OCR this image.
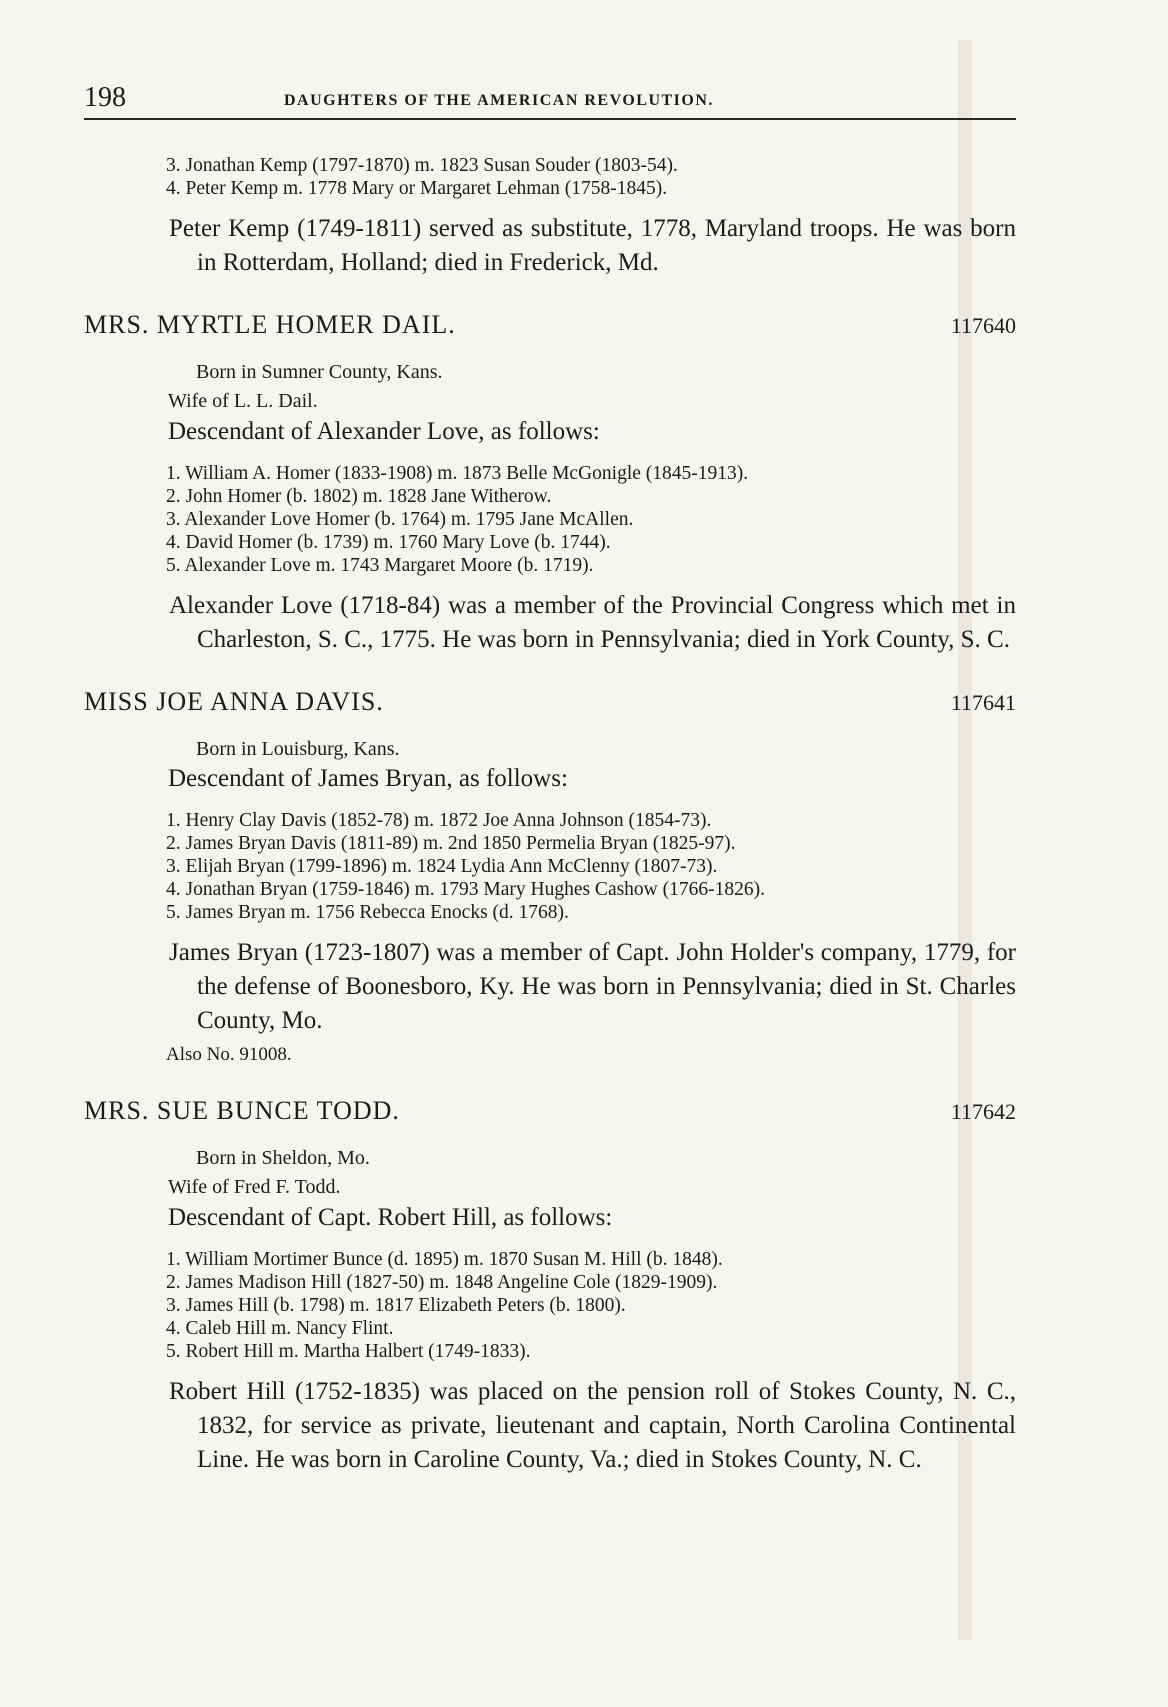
198	DAUGHTERS OF THE AMERICAN REVOLUTION.
3. Jonathan Kemp (1797-1870) m. 1823 Susan Souder (1803-54).
4. Peter Kemp m. 1778 Mary or Margaret Lehman (1758-1845).

Peter Kemp (1749-1811) served as substitute, 1778, Maryland troops. He was born in Rotterdam, Holland; died in Frederick, Md.

MRS. MYRTLE HOMER DAIL.	117640
Born in Sumner County, Kans.
Wife of L. L. Dail.
Descendant of Alexander Love, as follows:
1. William A. Homer (1833-1908) m. 1873 Belle McGonigle (1845-1913).
2. John Homer (b. 1802) m. 1828 Jane Witherow.
3. Alexander Love Homer (b. 1764) m. 1795 Jane McAllen.
4. David Homer (b. 1739) m. 1760 Mary Love (b. 1744).
5. Alexander Love m. 1743 Margaret Moore (b. 1719).

Alexander Love (1718-84) was a member of the Provincial Congress which met in Charleston, S. C., 1775. He was born in Pennsylvania; died in York County, S. C.

MISS JOE ANNA DAVIS.	117641
Born in Louisburg, Kans.
Descendant of James Bryan, as follows:
1. Henry Clay Davis (1852-78) m. 1872 Joe Anna Johnson (1854-73).
2. James Bryan Davis (1811-89) m. 2nd 1850 Permelia Bryan (1825-97).
3. Elijah Bryan (1799-1896) m. 1824 Lydia Ann McClenny (1807-73).
4. Jonathan Bryan (1759-1846) m. 1793 Mary Hughes Cashow (1766-1826).
5. James Bryan m. 1756 Rebecca Enocks (d. 1768).

James Bryan (1723-1807) was a member of Capt. John Holder's company, 1779, for the defense of Boonesboro, Ky. He was born in Pennsylvania; died in St. Charles County, Mo.

Also No. 91008.
MRS. SUE BUNCE TODD.	117642
Born in Sheldon, Mo.
Wife of Fred F. Todd.
Descendant of Capt. Robert Hill, as follows:
1. William Mortimer Bunce (d. 1895) m. 1870 Susan M. Hill (b. 1848).
2. James Madison Hill (1827-50) m. 1848 Angeline Cole (1829-1909).
3. James Hill (b. 1798) m. 1817 Elizabeth Peters (b. 1800).
4. Caleb Hill m. Nancy Flint.
5. Robert Hill m. Martha Halbert (1749-1833).

Robert Hill (1752-1835) was placed on the pension roll of Stokes County, N. C., 1832, for service as private, lieutenant and captain, North Carolina Continental Line. He was born in Caroline County, Va.; died in Stokes County, N. C.
